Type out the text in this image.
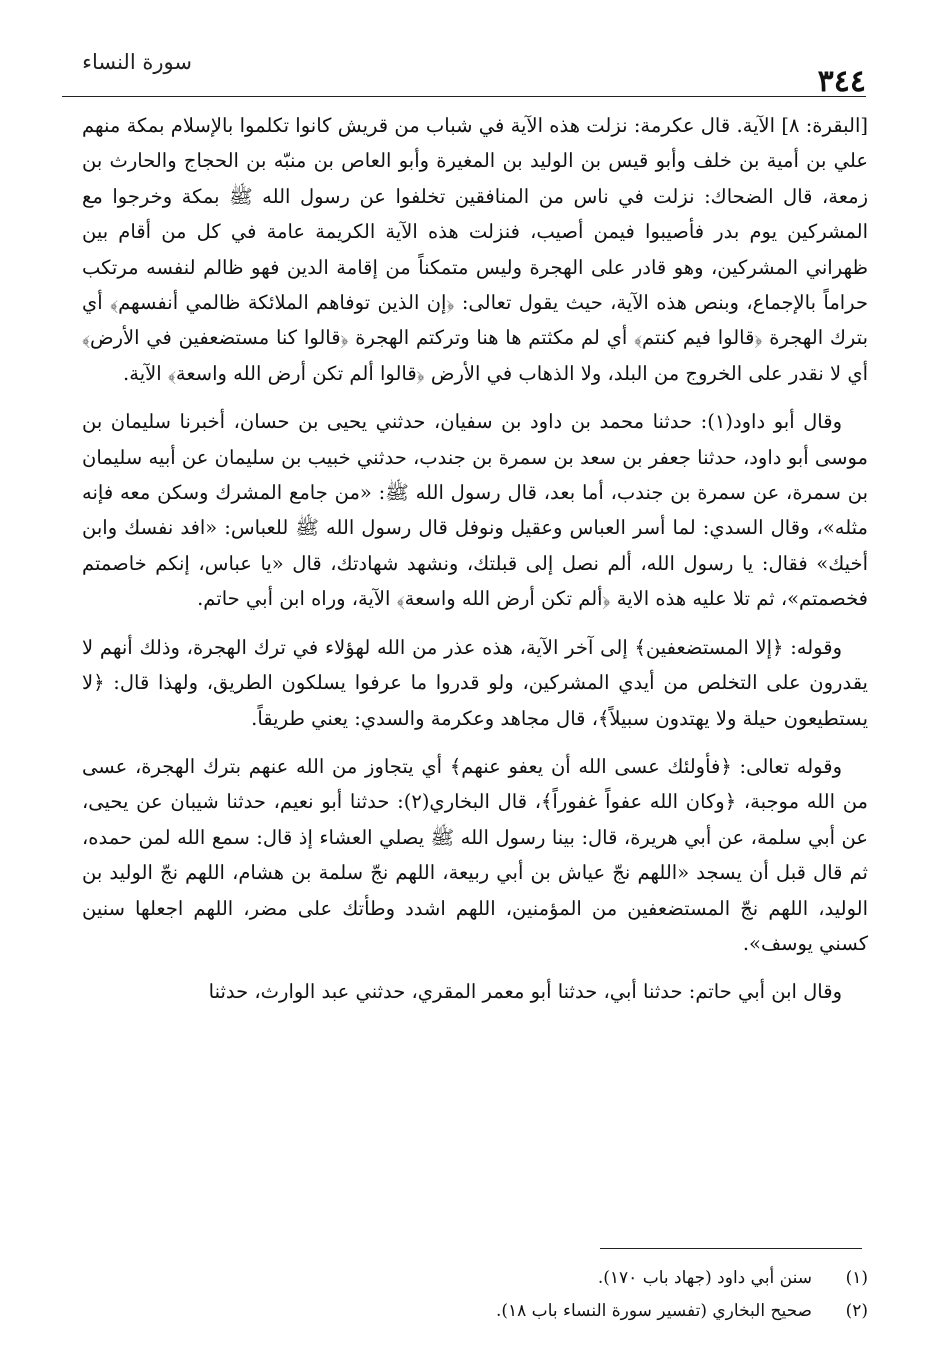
سورة النساء
٣٤٤

[البقرة: ٨] الآية. قال عكرمة: نزلت هذه الآية في شباب من قريش كانوا تكلموا بالإسلام بمكة منهم علي بن أمية بن خلف وأبو قيس بن الوليد بن المغيرة وأبو العاص بن منبّه بن الحجاج والحارث بن زمعة، قال الضحاك: نزلت في ناس من المنافقين تخلفوا عن رسول الله ﷺ بمكة وخرجوا مع المشركين يوم بدر فأصيبوا فيمن أصيب، فنزلت هذه الآية الكريمة عامة في كل من أقام بين ظهراني المشركين، وهو قادر على الهجرة وليس متمكناً من إقامة الدين فهو ظالم لنفسه مرتكب حراماً بالإجماع، وبنص هذه الآية، حيث يقول تعالى: ﴿إن الذين توفاهم الملائكة ظالمي أنفسهم﴾ أي بترك الهجرة ﴿قالوا فيم كنتم﴾ أي لم مكثتم ها هنا وتركتم الهجرة ﴿قالوا كنا مستضعفين في الأرض﴾ أي لا نقدر على الخروج من البلد، ولا الذهاب في الأرض ﴿قالوا ألم تكن أرض الله واسعة﴾ الآية.

وقال أبو داود(١): حدثنا محمد بن داود بن سفيان، حدثني يحيى بن حسان، أخبرنا سليمان بن موسى أبو داود، حدثنا جعفر بن سعد بن سمرة بن جندب، حدثني خبيب بن سليمان عن أبيه سليمان بن سمرة، عن سمرة بن جندب، أما بعد، قال رسول الله ﷺ: «من جامع المشرك وسكن معه فإنه مثله»، وقال السدي: لما أسر العباس وعقيل ونوفل قال رسول الله ﷺ للعباس: «افد نفسك وابن أخيك» فقال: يا رسول الله، ألم نصل إلى قبلتك، ونشهد شهادتك، قال «يا عباس، إنكم خاصمتم فخصمتم»، ثم تلا عليه هذه الاية ﴿ألم تكن أرض الله واسعة﴾ الآية، وراه ابن أبي حاتم.

وقوله: ﴿إلا المستضعفين﴾ إلى آخر الآية، هذه عذر من الله لهؤلاء في ترك الهجرة، وذلك أنهم لا يقدرون على التخلص من أيدي المشركين، ولو قدروا ما عرفوا يسلكون الطريق، ولهذا قال: ﴿لا يستطيعون حيلة ولا يهتدون سبيلاً﴾، قال مجاهد وعكرمة والسدي: يعني طريقاً.

وقوله تعالى: ﴿فأولئك عسى الله أن يعفو عنهم﴾ أي يتجاوز من الله عنهم بترك الهجرة، عسى من الله موجبة، ﴿وكان الله عفواً غفوراً﴾، قال البخاري(٢): حدثنا أبو نعيم، حدثنا شيبان عن يحيى، عن أبي سلمة، عن أبي هريرة، قال: بينا رسول الله ﷺ يصلي العشاء إذ قال: سمع الله لمن حمده، ثم قال قبل أن يسجد «اللهم نجّ عياش بن أبي ربيعة، اللهم نجّ سلمة بن هشام، اللهم نجّ الوليد بن الوليد، اللهم نجّ المستضعفين من المؤمنين، اللهم اشدد وطأتك على مضر، اللهم اجعلها سنين كسني يوسف».

وقال ابن أبي حاتم: حدثنا أبي، حدثنا أبو معمر المقري، حدثني عبد الوارث، حدثنا

(١)
سنن أبي داود (جهاد باب ١٧٠).
(٢)
صحيح البخاري (تفسير سورة النساء باب ١٨).
